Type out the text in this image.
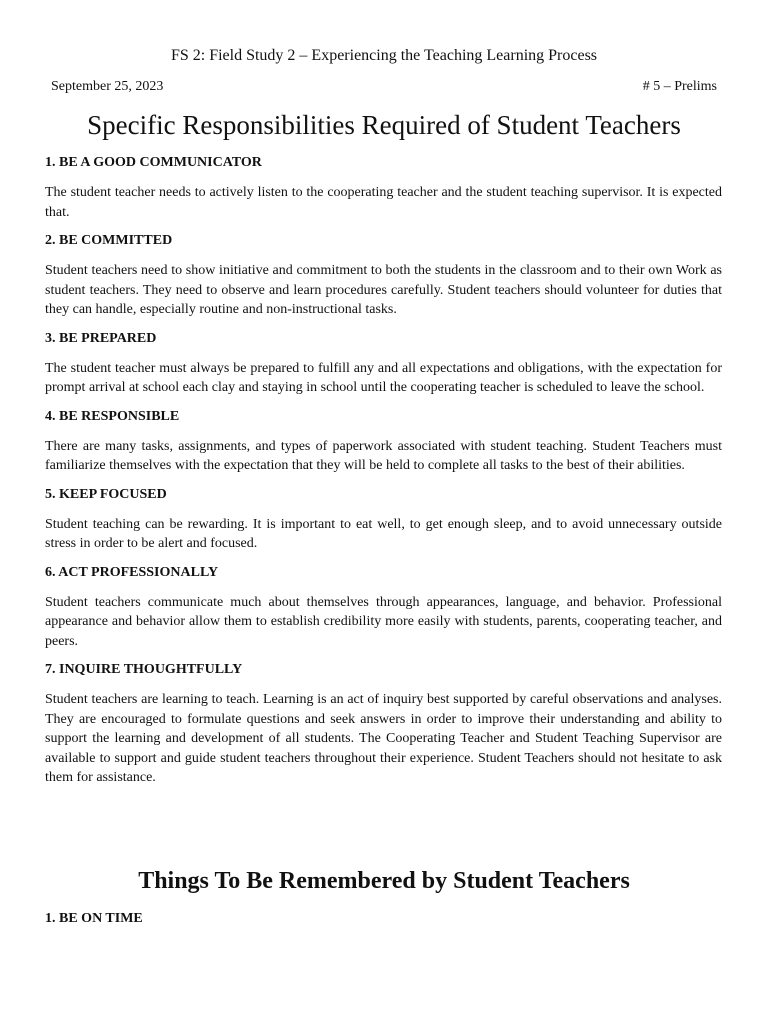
FS 2: Field Study 2 – Experiencing the Teaching Learning Process
September 25, 2023	# 5 – Prelims
Specific Responsibilities Required of Student Teachers

1. BE A GOOD COMMUNICATOR

The student teacher needs to actively listen to the cooperating teacher and the student teaching supervisor. It is expected that.

2. BE COMMITTED

Student teachers need to show initiative and commitment to both the students in the classroom and to their own Work as student teachers. They need to observe and learn procedures carefully. Student teachers should volunteer for duties that they can handle, especially routine and non-instructional tasks.

3. BE PREPARED

The student teacher must always be prepared to fulfill any and all expectations and obligations, with the expectation for prompt arrival at school each clay and staying in school until the cooperating teacher is scheduled to leave the school.

4. BE RESPONSIBLE

There are many tasks, assignments, and types of paperwork associated with student teaching. Student Teachers must familiarize themselves with the expectation that they will be held to complete all tasks to the best of their abilities.

5. KEEP FOCUSED

Student teaching can be rewarding. It is important to eat well, to get enough sleep, and to avoid unnecessary outside stress in order to be alert and focused.

6. ACT PROFESSIONALLY

Student teachers communicate much about themselves through appearances, language, and behavior. Professional appearance and behavior allow them to establish credibility more easily with students, parents, cooperating teacher, and peers.

7. INQUIRE THOUGHTFULLY

Student teachers are learning to teach. Learning is an act of inquiry best supported by careful observations and analyses. They are encouraged to formulate questions and seek answers in order to improve their understanding and ability to support the learning and development of all students. The Cooperating Teacher and Student Teaching Supervisor are available to support and guide student teachers throughout their experience. Student Teachers should not hesitate to ask them for assistance.

Things To Be Remembered by Student Teachers

1. BE ON TIME
